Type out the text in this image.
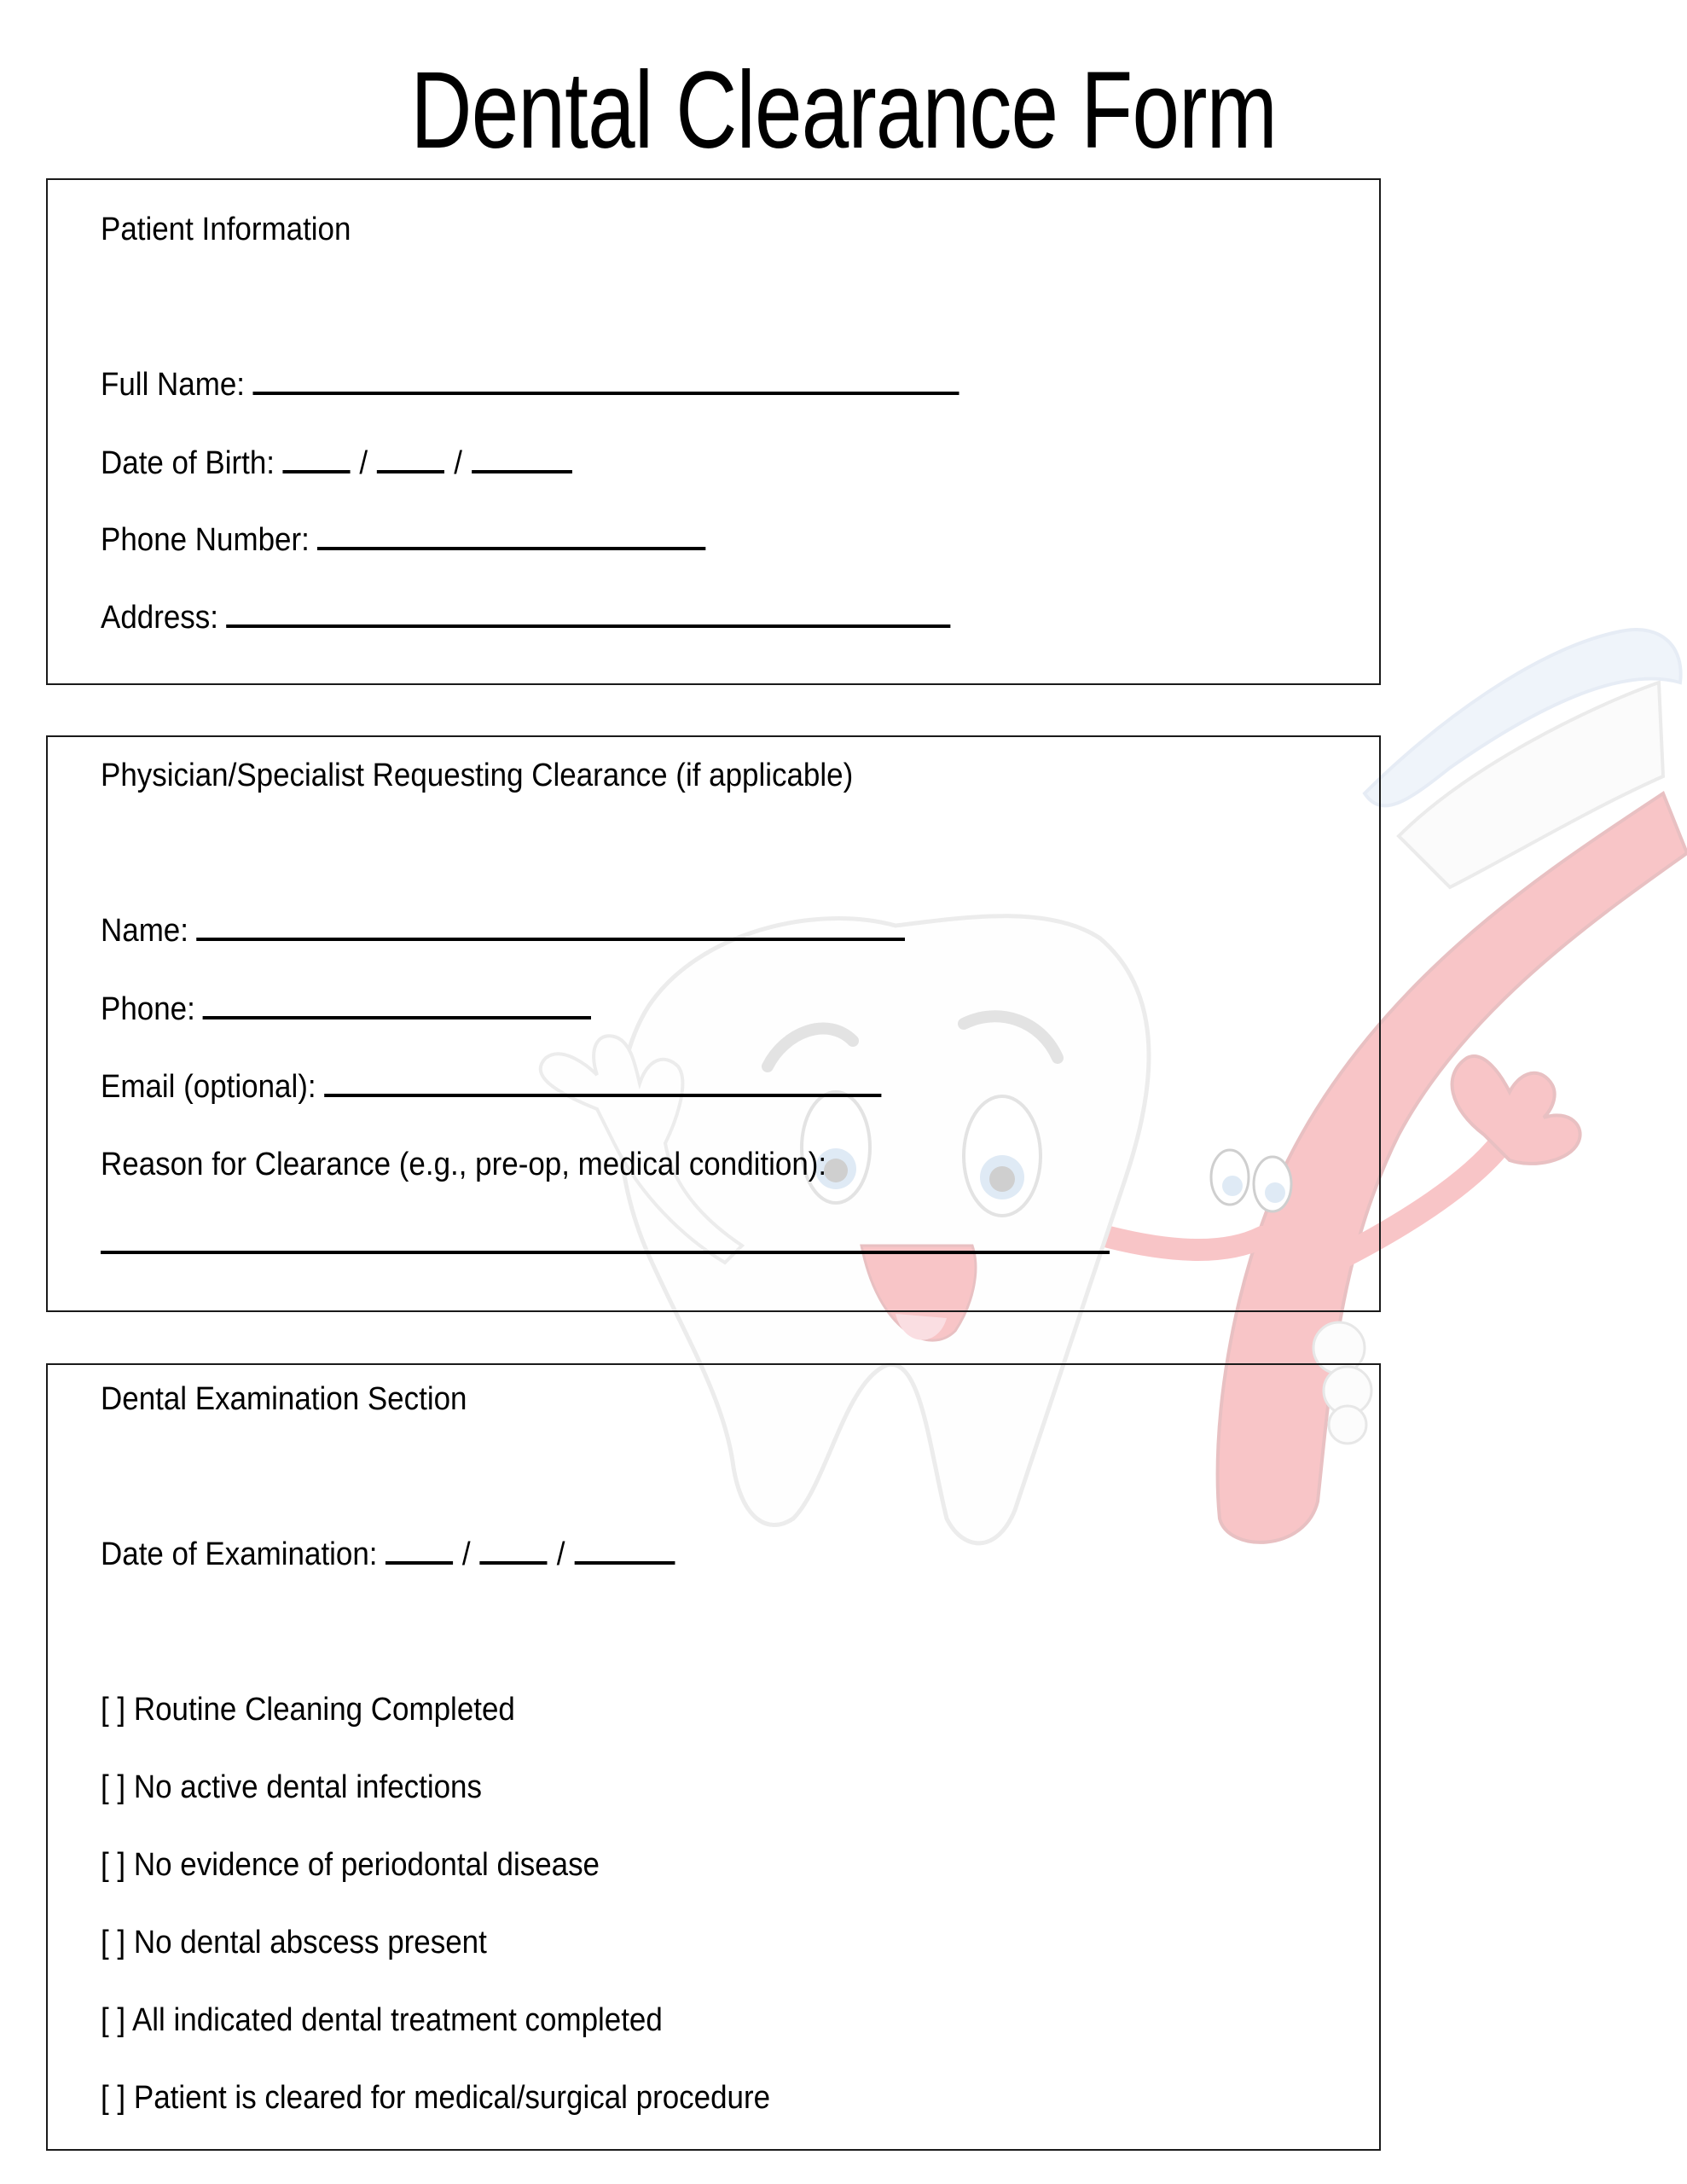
Dental Clearance Form
Patient Information
Full Name:
Date of Birth:	/	/
Phone Number:
Address:
Physician/Specialist Requesting Clearance (if applicable)
Name:
Phone:
Email (optional):
Reason for Clearance (e.g., pre-op, medical condition):
Dental Examination Section
Date of Examination:	/	/
[ ] Routine Cleaning Completed
[ ] No active dental infections
[ ] No evidence of periodontal disease
[ ] No dental abscess present
[ ] All indicated dental treatment completed
[ ] Patient is cleared for medical/surgical procedure
